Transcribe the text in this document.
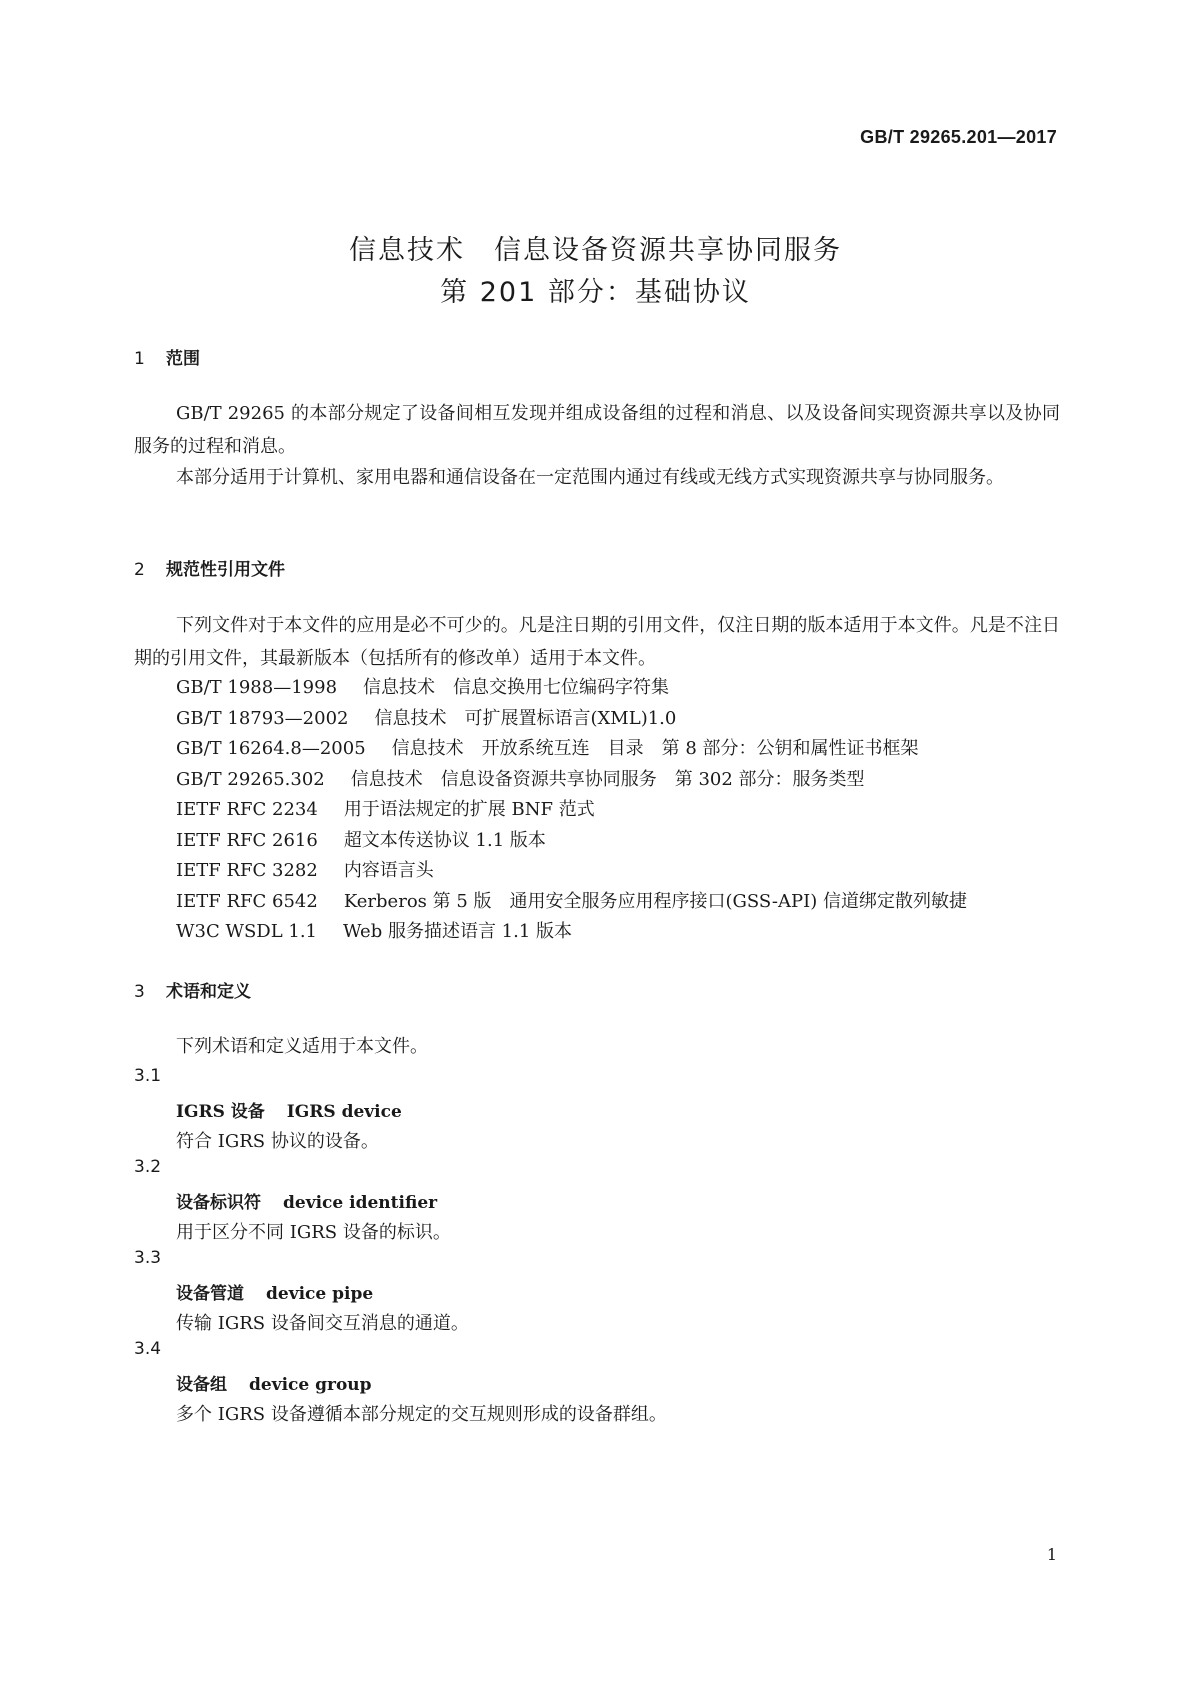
GB/T 29265.201—2017
信息技术　信息设备资源共享协同服务
第 201 部分：基础协议
1 范围
GB/T 29265 的本部分规定了设备间相互发现并组成设备组的过程和消息、以及设备间实现资源共享以及协同服务的过程和消息。
本部分适用于计算机、家用电器和通信设备在一定范围内通过有线或无线方式实现资源共享与协同服务。
2 规范性引用文件
下列文件对于本文件的应用是必不可少的。凡是注日期的引用文件，仅注日期的版本适用于本文件。凡是不注日期的引用文件，其最新版本（包括所有的修改单）适用于本文件。
GB/T 1988—1998 信息技术　信息交换用七位编码字符集
GB/T 18793—2002 信息技术　可扩展置标语言(XML)1.0
GB/T 16264.8—2005 信息技术　开放系统互连　目录　第 8 部分：公钥和属性证书框架
GB/T 29265.302 信息技术　信息设备资源共享协同服务　第 302 部分：服务类型
IETF RFC 2234 用于语法规定的扩展 BNF 范式
IETF RFC 2616 超文本传送协议 1.1 版本
IETF RFC 3282 内容语言头
IETF RFC 6542 Kerberos 第 5 版　通用安全服务应用程序接口(GSS-API) 信道绑定散列敏捷
W3C WSDL 1.1 Web 服务描述语言 1.1 版本
3 术语和定义
下列术语和定义适用于本文件。
3.1
IGRS 设备 IGRS device
符合 IGRS 协议的设备。
3.2
设备标识符 device identifier
用于区分不同 IGRS 设备的标识。
3.3
设备管道 device pipe
传输 IGRS 设备间交互消息的通道。
3.4
设备组 device group
多个 IGRS 设备遵循本部分规定的交互规则形成的设备群组。
1
